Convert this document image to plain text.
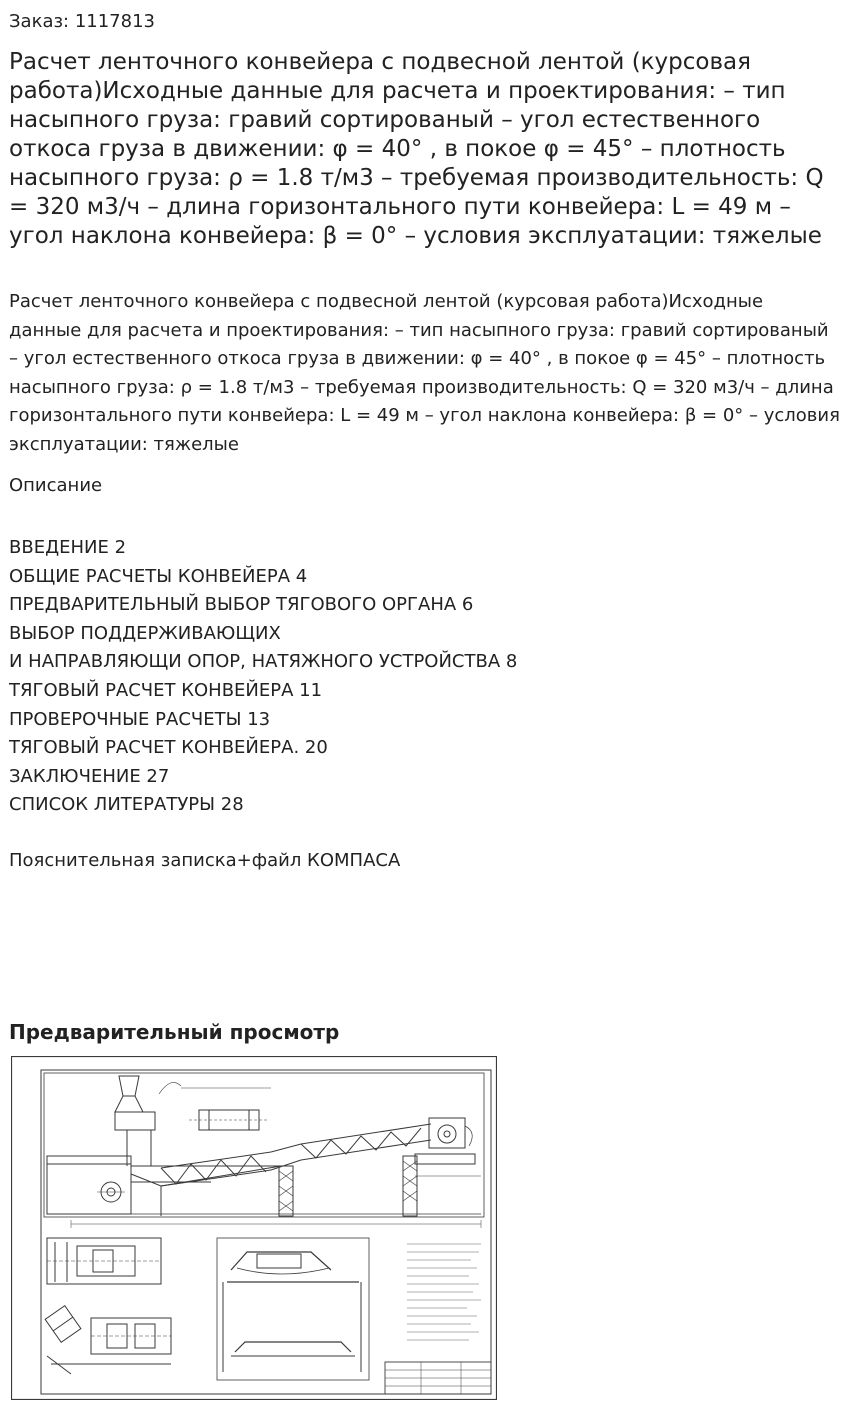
Заказ: 1117813
Расчет ленточного конвейера с подвесной лентой (курсовая работа)Исходные данные для расчета и проектирования: – тип насыпного груза: гравий сортированый – угол естественного откоса груза в движении: φ = 40° , в покое φ = 45° – плотность насыпного груза: ρ = 1.8 т/м3 – требуемая производительность: Q = 320 м3/ч – длина горизонтального пути конвейера: L = 49 м – угол наклона конвейера: β = 0° – условия эксплуатации: тяжелые
Расчет ленточного конвейера с подвесной лентой (курсовая работа)Исходные данные для расчета и проектирования: – тип насыпного груза: гравий сортированый – угол естественного откоса груза в движении: φ = 40° , в покое φ = 45° – плотность насыпного груза: ρ = 1.8 т/м3 – требуемая производительность: Q = 320 м3/ч – длина горизонтального пути конвейера: L = 49 м – угол наклона конвейера: β = 0° – условия эксплуатации: тяжелые
Описание
ВВЕДЕНИЕ 2
ОБЩИЕ РАСЧЕТЫ КОНВЕЙЕРА 4
ПРЕДВАРИТЕЛЬНЫЙ ВЫБОР ТЯГОВОГО ОРГАНА 6
ВЫБОР ПОДДЕРЖИВАЮЩИХ
И НАПРАВЛЯЮЩИ ОПОР, НАТЯЖНОГО УСТРОЙСТВА 8
ТЯГОВЫЙ РАСЧЕТ КОНВЕЙЕРА 11
ПРОВЕРОЧНЫЕ РАСЧЕТЫ 13
ТЯГОВЫЙ РАСЧЕТ КОНВЕЙЕРА. 20
ЗАКЛЮЧЕНИЕ 27
СПИСОК ЛИТЕРАТУРЫ 28
Пояснительная записка+файл КОМПАСА
Предварительный просмотр
